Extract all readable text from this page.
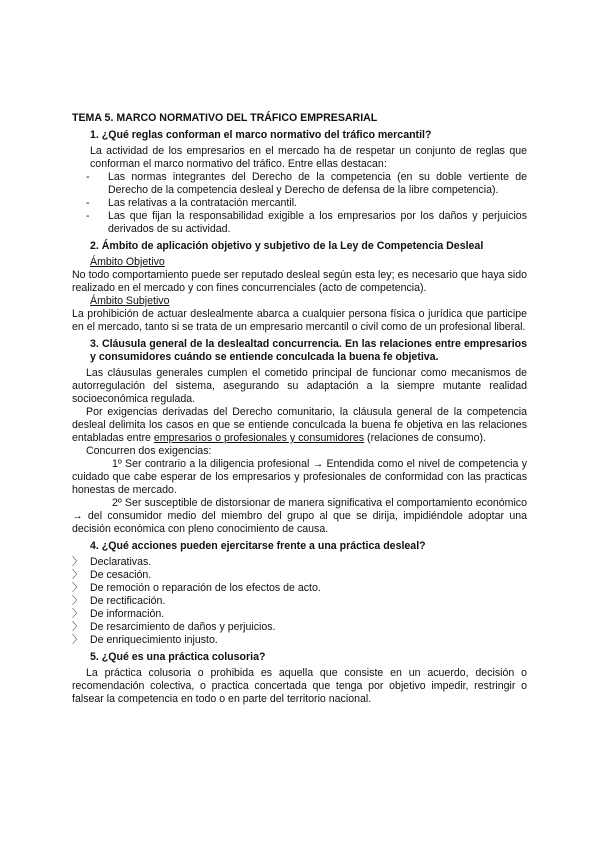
TEMA 5. MARCO NORMATIVO DEL TRÁFICO EMPRESARIAL
1. ¿Qué reglas conforman el marco normativo del tráfico mercantil?

La actividad de los empresarios en el mercado ha de respetar un conjunto de reglas que conforman el marco normativo del tráfico. Entre ellas destacan:

-	Las normas integrantes del Derecho de la competencia (en su doble vertiente de Derecho de la competencia desleal y Derecho de defensa de la libre competencia).
-	Las relativas a la contratación mercantil.
-	Las que fijan la responsabilidad exigible a los empresarios por los daños y perjuicios derivados de su actividad.
2. Ámbito de aplicación objetivo y subjetivo de la Ley de Competencia Desleal

Ámbito Objetivo

No todo comportamiento puede ser reputado desleal según esta ley; es necesario que haya sido realizado en el mercado y con fines concurrenciales (acto de competencia).

Ámbito Subjetivo

La prohibición de actuar deslealmente abarca a cualquier persona física o jurídica que participe en el mercado, tanto si se trata de un empresario mercantil o civil como de un profesional liberal.

3. Cláusula general de la deslealtad concurrencia. En las relaciones entre empresarios y consumidores cuándo se entiende conculcada la buena fe objetiva.

Las cláusulas generales cumplen el cometido principal de funcionar como mecanismos de autorregulación del sistema, asegurando su adaptación a la siempre mutante realidad socioeconómica regulada.

Por exigencias derivadas del Derecho comunitario, la cláusula general de la competencia desleal delimita los casos en que se entiende conculcada la buena fe objetiva en las relaciones entabladas entre empresarios o profesionales y consumidores (relaciones de consumo).

Concurren dos exigencias:

1º Ser contrario a la diligencia profesional → Entendida como el nivel de competencia y cuidado que cabe esperar de los empresarios y profesionales de conformidad con las practicas honestas de mercado.

2º Ser susceptible de distorsionar de manera significativa el comportamiento económico → del consumidor medio del miembro del grupo al que se dirija, impidiéndole adoptar una decisión económica con pleno conocimiento de causa.

4. ¿Qué acciones pueden ejercitarse frente a una práctica desleal?
〉 Declarativas.
〉 De cesación.
〉 De remoción o reparación de los efectos de acto.
〉 De rectificación.
〉 De información.
〉 De resarcimiento de daños y perjuicios.
〉 De enriquecimiento injusto.
5. ¿Qué es una práctica colusoria?

La práctica colusoria o prohibida es aquella que consiste en un acuerdo, decisión o recomendación colectiva, o practica concertada que tenga por objetivo impedir, restringir o falsear la competencia en todo o en parte del territorio nacional.
